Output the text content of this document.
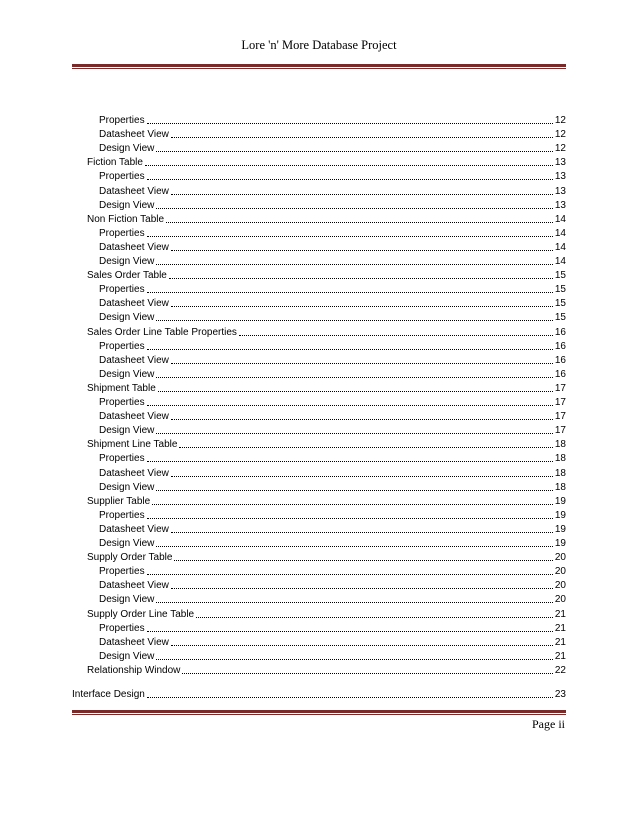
Lore 'n' More Database Project
Properties	12
Datasheet View	12
Design View	12
Fiction Table	13
Properties	13
Datasheet View	13
Design View	13
Non Fiction Table	14
Properties	14
Datasheet View	14
Design View	14
Sales Order Table	15
Properties	15
Datasheet View	15
Design View	15
Sales Order Line Table Properties	16
Properties	16
Datasheet View	16
Design View	16
Shipment Table	17
Properties	17
Datasheet View	17
Design View	17
Shipment Line Table	18
Properties	18
Datasheet View	18
Design View	18
Supplier Table	19
Properties	19
Datasheet View	19
Design View	19
Supply Order Table	20
Properties	20
Datasheet View	20
Design View	20
Supply Order Line Table	21
Properties	21
Datasheet View	21
Design View	21
Relationship Window	22
Interface Design	23
Page ii
